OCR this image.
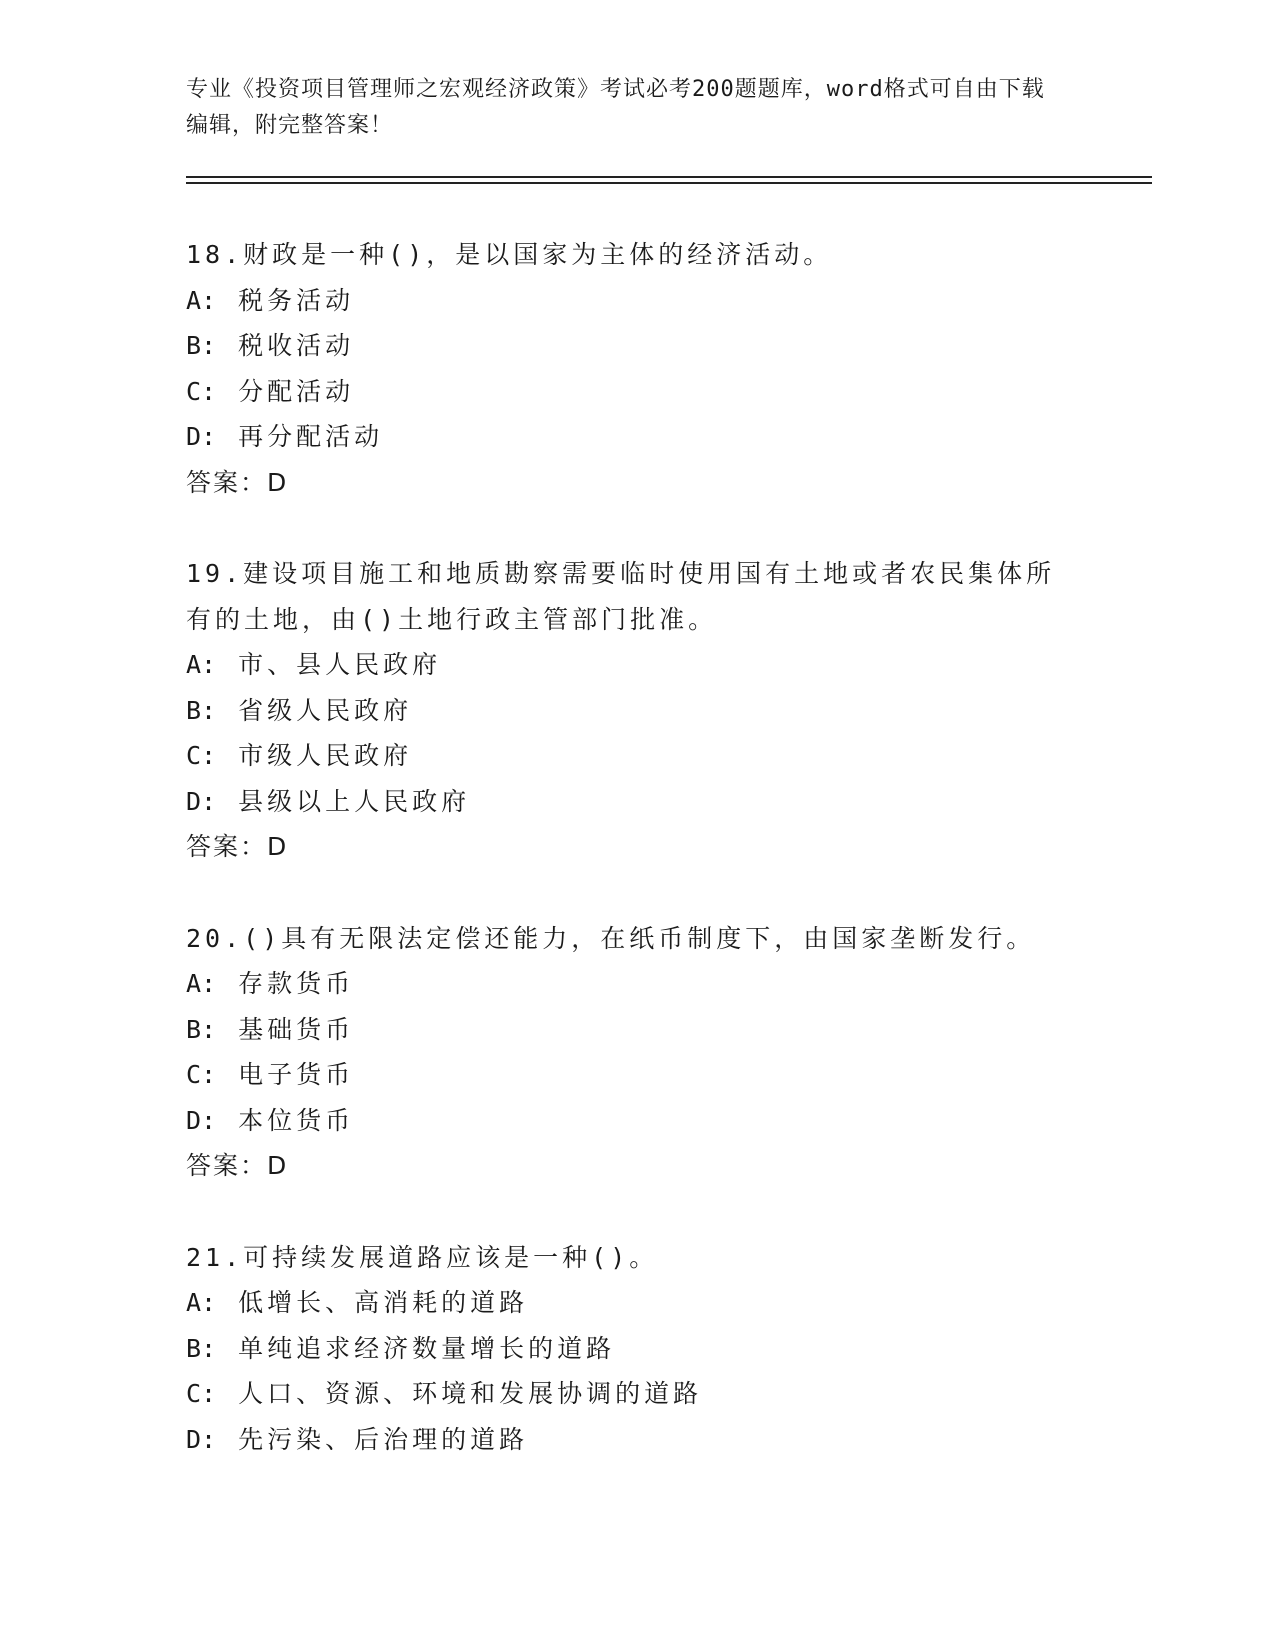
专业《投资项目管理师之宏观经济政策》考试必考200题题库，word格式可自由下载编辑，附完整答案！
18.财政是一种()，是以国家为主体的经济活动。
A: 税务活动
B: 税收活动
C: 分配活动
D: 再分配活动
答案：D
19.建设项目施工和地质勘察需要临时使用国有土地或者农民集体所有的土地，由()土地行政主管部门批准。
A: 市、县人民政府
B: 省级人民政府
C: 市级人民政府
D: 县级以上人民政府
答案：D
20.()具有无限法定偿还能力，在纸币制度下，由国家垄断发行。
A: 存款货币
B: 基础货币
C: 电子货币
D: 本位货币
答案：D
21.可持续发展道路应该是一种()。
A: 低增长、高消耗的道路
B: 单纯追求经济数量增长的道路
C: 人口、资源、环境和发展协调的道路
D: 先污染、后治理的道路
